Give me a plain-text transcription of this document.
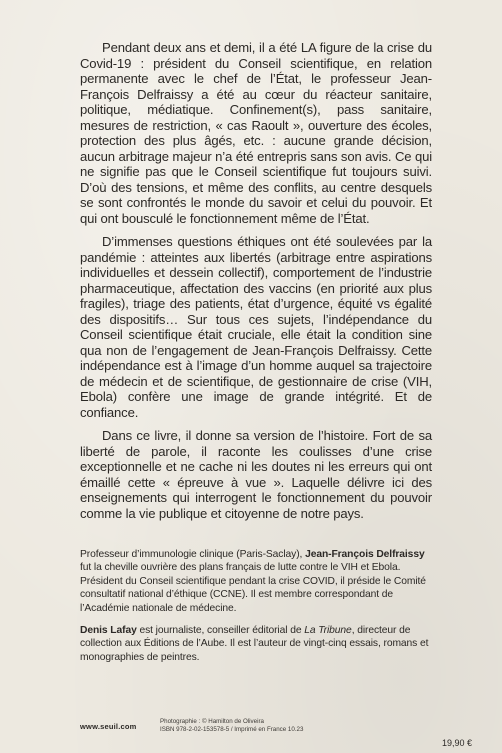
Pendant deux ans et demi, il a été LA figure de la crise du Covid-19 : président du Conseil scientifique, en relation permanente avec le chef de l’État, le professeur Jean-François Delfraissy a été au cœur du réacteur sanitaire, politique, médiatique. Confinement(s), pass sanitaire, mesures de restriction, « cas Raoult », ouverture des écoles, protection des plus âgés, etc. : aucune grande décision, aucun arbitrage majeur n’a été entrepris sans son avis. Ce qui ne signifie pas que le Conseil scientifique fut toujours suivi. D’où des tensions, et même des conflits, au centre desquels se sont confrontés le monde du savoir et celui du pouvoir. Et qui ont bousculé le fonctionnement même de l’État.

D’immenses questions éthiques ont été soulevées par la pandémie : atteintes aux libertés (arbitrage entre aspirations individuelles et dessein collectif), comportement de l’industrie pharmaceutique, affectation des vaccins (en priorité aux plus fragiles), triage des patients, état d’urgence, équité vs égalité des dispositifs… Sur tous ces sujets, l’indépendance du Conseil scientifique était cruciale, elle était la condition sine qua non de l’engagement de Jean-François Delfraissy. Cette indépendance est à l’image d’un homme auquel sa trajectoire de médecin et de scientifique, de gestionnaire de crise (VIH, Ebola) confère une image de grande intégrité. Et de confiance.

Dans ce livre, il donne sa version de l’histoire. Fort de sa liberté de parole, il raconte les coulisses d’une crise exceptionnelle et ne cache ni les doutes ni les erreurs qui ont émaillé cette « épreuve à vue ». Laquelle délivre ici des enseignements qui interrogent le fonctionnement du pouvoir comme la vie publique et citoyenne de notre pays.

Professeur d’immunologie clinique (Paris-Saclay), Jean-François Delfraissy fut la cheville ouvrière des plans français de lutte contre le VIH et Ebola. Président du Conseil scientifique pendant la crise COVID, il préside le Comité consultatif national d’éthique (CCNE). Il est membre correspondant de l’Académie nationale de médecine.

Denis Lafay est journaliste, conseiller éditorial de La Tribune, directeur de collection aux Éditions de l’Aube. Il est l’auteur de vingt-cinq essais, romans et monographies de peintres.

www.seuil.com
Photographie : © Hamilton de Oliveira
ISBN 978-2-02-153578-5 / Imprimé en France 10.23
19,90 €
